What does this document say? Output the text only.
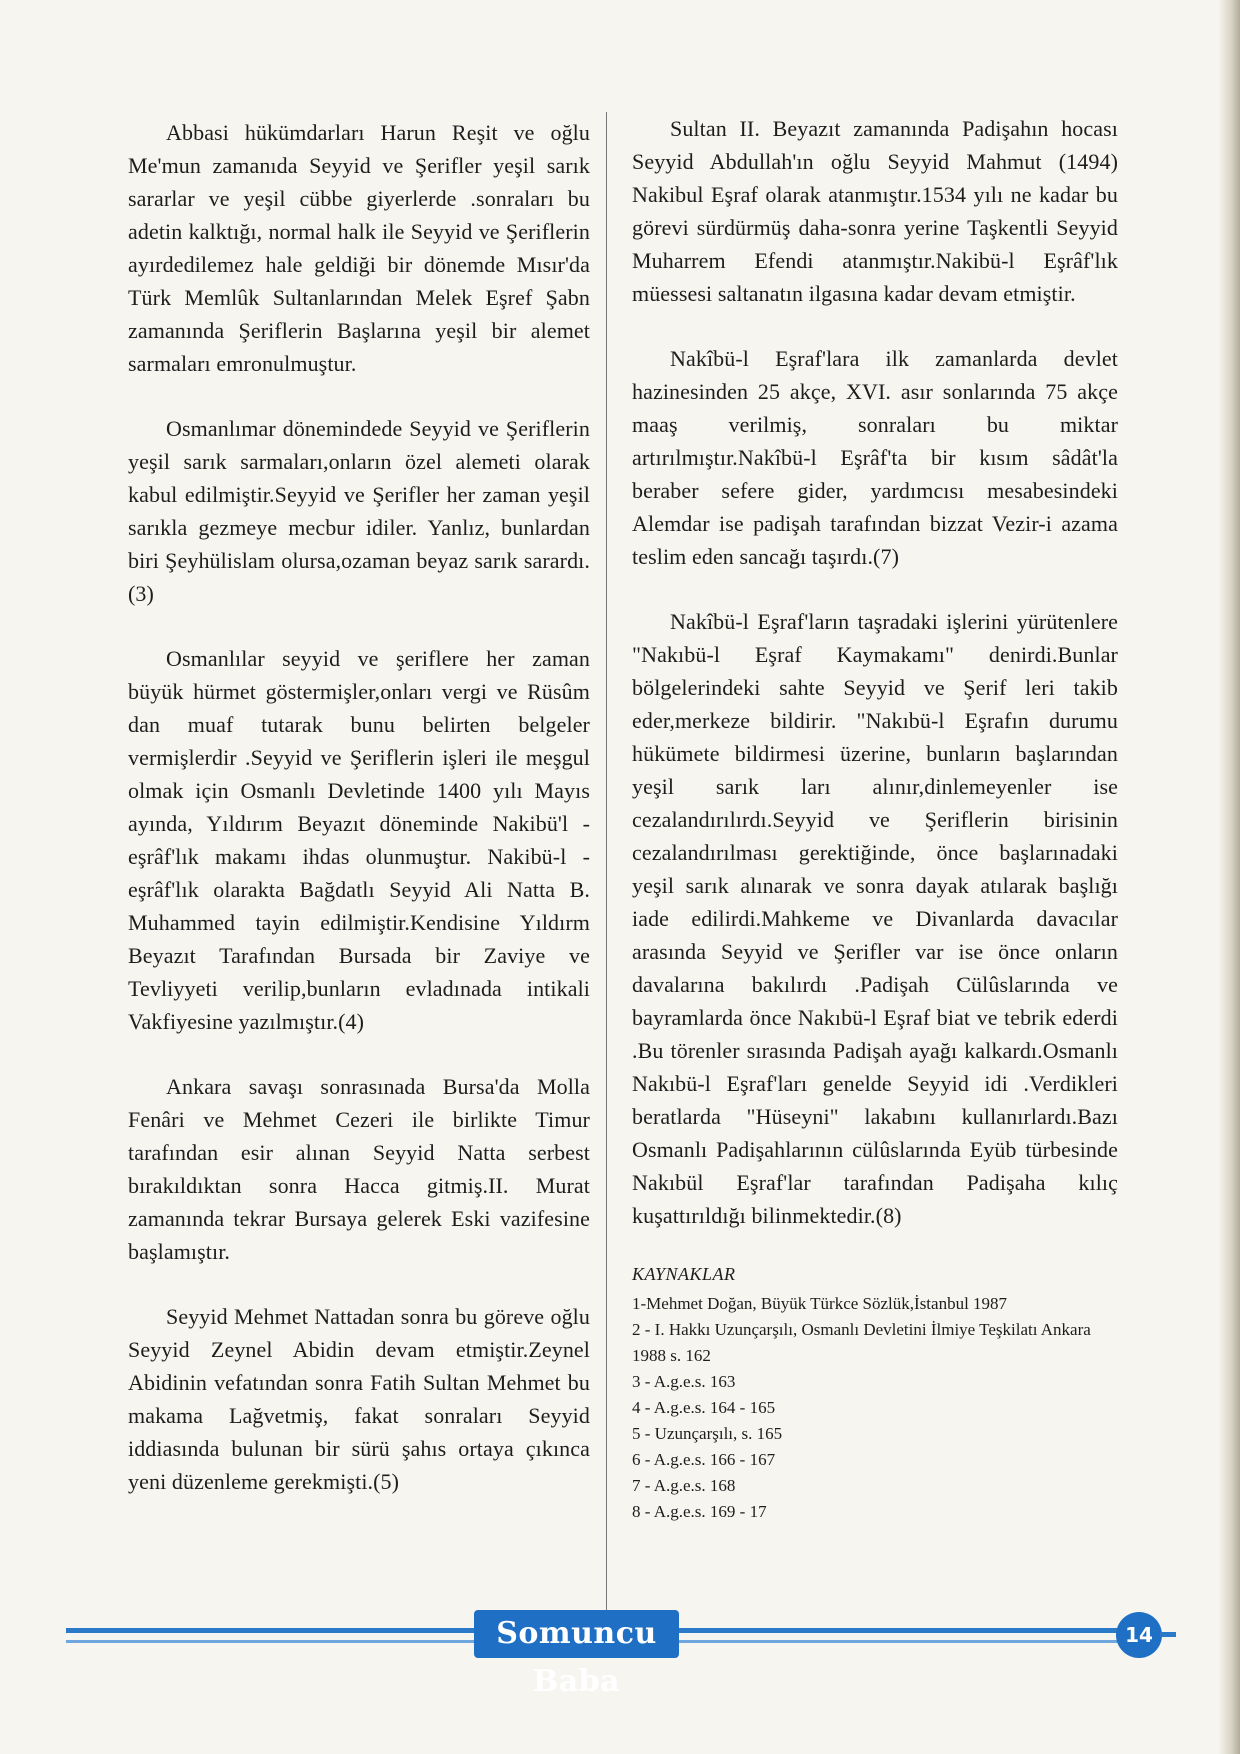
Abbasi hükümdarları Harun Reşit ve oğlu Me'mun zamanıda Seyyid ve Şerifler yeşil sarık sararlar ve yeşil cübbe giyerlerde .sonraları bu adetin kalktığı, normal halk ile Seyyid ve Şeriflerin ayırdedilemez hale geldiği bir dönemde Mısır'da Türk Memlûk Sultanlarından Melek Eşref Şabn zamanında Şeriflerin Başlarına yeşil bir alemet sarmaları emronulmuştur.

Osmanlımar dönemindede Seyyid ve Şeriflerin yeşil sarık sarmaları,onların özel alemeti olarak kabul edilmiştir.Seyyid ve Şerifler her zaman yeşil sarıkla gezmeye mecbur idiler. Yanlız, bunlardan biri Şeyhülislam olursa,ozaman beyaz sarık sarardı.(3)

Osmanlılar seyyid ve şeriflere her zaman büyük hürmet göstermişler,onları vergi ve Rüsûm dan muaf tutarak bunu belirten belgeler vermişlerdir .Seyyid ve Şeriflerin işleri ile meşgul olmak için Osmanlı Devletinde 1400 yılı Mayıs ayında, Yıldırım Beyazıt döneminde Nakibü'l - eşrâf'lık makamı ihdas olunmuştur. Nakibü-l - eşrâf'lık olarakta Bağdatlı Seyyid Ali Natta B. Muhammed tayin edilmiştir.Kendisine Yıldırm Beyazıt Tarafından Bursada bir Zaviye ve Tevliyyeti verilip,bunların evladınada intikali Vakfiyesine yazılmıştır.(4)

Ankara savaşı sonrasınada Bursa'da Molla Fenâri ve Mehmet Cezeri ile birlikte Timur tarafından esir alınan Seyyid Natta serbest bırakıldıktan sonra Hacca gitmiş.II. Murat zamanında tekrar Bursaya gelerek Eski vazifesine başlamıştır.

Seyyid Mehmet Nattadan sonra bu göreve oğlu Seyyid Zeynel Abidin devam etmiştir.Zeynel Abidinin vefatından sonra Fatih Sultan Mehmet bu makama Lağvetmiş, fakat sonraları Seyyid iddiasında bulunan bir sürü şahıs ortaya çıkınca yeni düzenleme gerekmişti.(5)

Sultan II. Beyazıt zamanında Padişahın hocası Seyyid Abdullah'ın oğlu Seyyid Mahmut (1494) Nakibul Eşraf olarak atanmıştır.1534 yılı ne kadar bu görevi sürdürmüş daha-sonra yerine Taşkentli Seyyid Muharrem Efendi atanmıştır.Nakibü-l Eşrâf'lık müessesi saltanatın ilgasına kadar devam etmiştir.

Nakîbü-l Eşraf'lara ilk zamanlarda devlet hazinesinden 25 akçe, XVI. asır sonlarında 75 akçe maaş verilmiş, sonraları bu miktar artırılmıştır.Nakîbü-l Eşrâf'ta bir kısım sâdât'la beraber sefere gider, yardımcısı mesabesindeki Alemdar ise padişah tarafından bizzat Vezir-i azama teslim eden sancağı taşırdı.(7)

Nakîbü-l Eşraf'ların taşradaki işlerini yürütenlere "Nakıbü-l Eşraf Kaymakamı" denirdi.Bunlar bölgelerindeki sahte Seyyid ve Şerif leri takib eder,merkeze bildirir. "Nakıbü-l Eşrafın durumu hükümete bildirmesi üzerine, bunların başlarından yeşil sarık ları alınır,dinlemeyenler ise cezalandırılırdı.Seyyid ve Şeriflerin birisinin cezalandırılması gerektiğinde, önce başlarınadaki yeşil sarık alınarak ve sonra dayak atılarak başlığı iade edilirdi.Mahkeme ve Divanlarda davacılar arasında Seyyid ve Şerifler var ise önce onların davalarına bakılırdı .Padişah Cülûslarında ve bayramlarda önce Nakıbü-l Eşraf biat ve tebrik ederdi .Bu törenler sırasında Padişah ayağı kalkardı.Osmanlı Nakıbü-l Eşraf'ları genelde Seyyid idi .Verdikleri beratlarda "Hüseyni" lakabını kullanırlardı.Bazı Osmanlı Padişahlarının cülûslarında Eyüb türbesinde Nakıbül Eşraf'lar tarafından Padişaha kılıç kuşattırıldığı bilinmektedir.(8)

KAYNAKLAR

1-Mehmet Doğan, Büyük Türkce Sözlük,İstanbul 1987

2 - I. Hakkı Uzunçarşılı, Osmanlı Devletini İlmiye Teşkilatı Ankara 1988 s. 162

3 - A.g.e.s. 163

4 - A.g.e.s. 164 - 165

5 - Uzunçarşılı, s. 165

6 - A.g.e.s. 166 - 167

7 - A.g.e.s. 168

8 - A.g.e.s. 169 - 17

Somuncu Baba
14
